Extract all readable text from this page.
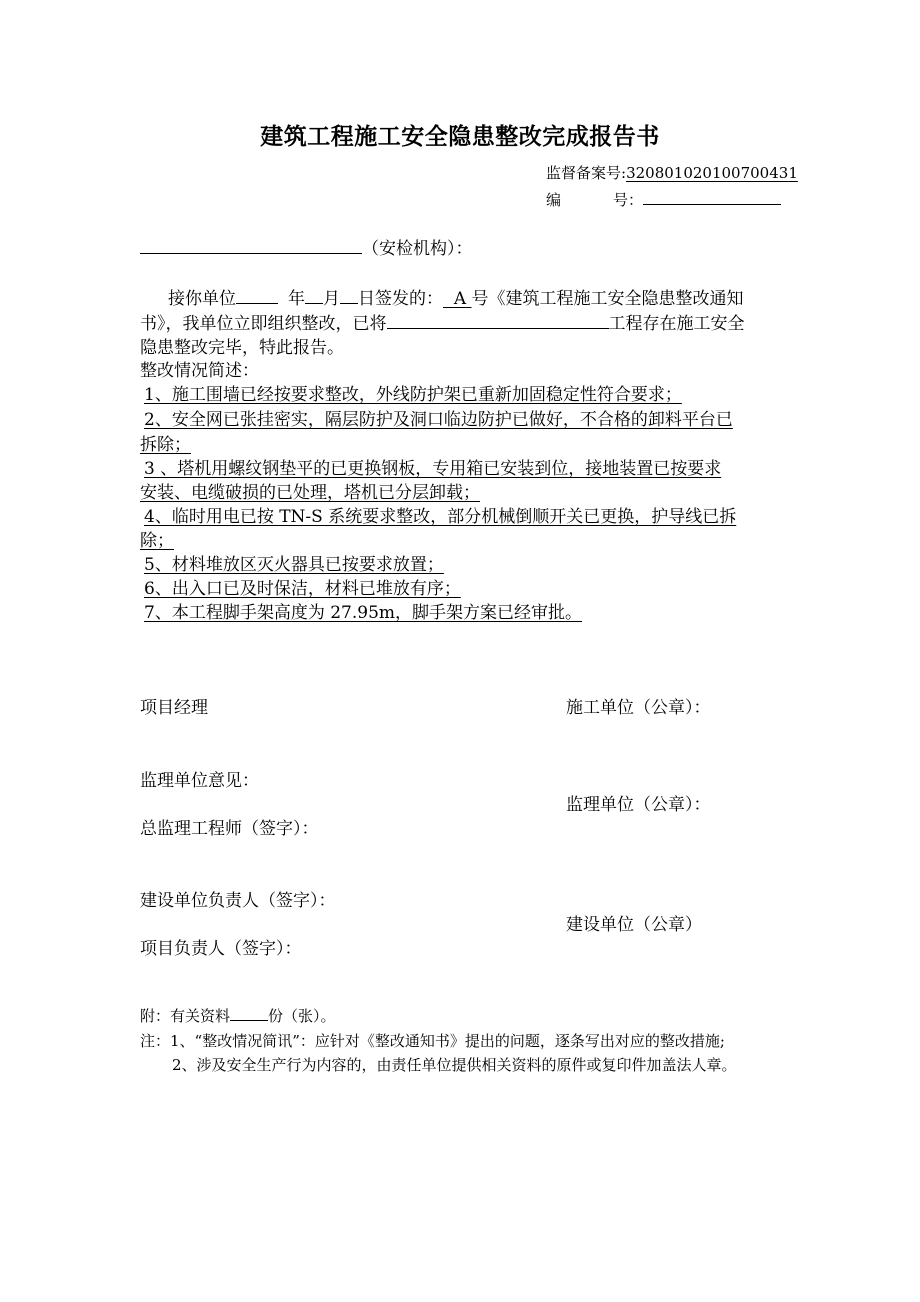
建筑工程施工安全隐患整改完成报告书
监督备案号:320801020100700431
编	号：
（安检机构）：
接你单位	年 月 日签发的： A 号《建筑工程施工安全隐患整改通知
书》，我单位立即组织整改，已将	工程存在施工安全
隐患整改完毕，特此报告。
整改情况简述：
1、施工围墙已经按要求整改，外线防护架已重新加固稳定性符合要求；
2、安全网已张挂密实，隔层防护及洞口临边防护已做好，不合格的卸料平台已
拆除；
3 、塔机用螺纹钢垫平的已更换钢板，专用箱已安装到位，接地装置已按要求
安装、电缆破损的已处理，塔机已分层卸载；
4、临时用电已按 TN-S 系统要求整改，部分机械倒顺开关已更换，护导线已拆
除；
5、材料堆放区灭火器具已按要求放置；
6、出入口已及时保洁，材料已堆放有序；
7、本工程脚手架高度为 27.95m，脚手架方案已经审批。
项目经理	施工单位（公章）：
监理单位意见：
监理单位（公章）：
总监理工程师（签字）：
建设单位负责人（签字）：
建设单位（公章）
项目负责人（签字）：
附：有关资料	份（张）。
注：1、“整改情况简讯”：应针对《整改通知书》提出的问题，逐条写出对应的整改措施;
2、涉及安全生产行为内容的，由责任单位提供相关资料的原件或复印件加盖法人章。
